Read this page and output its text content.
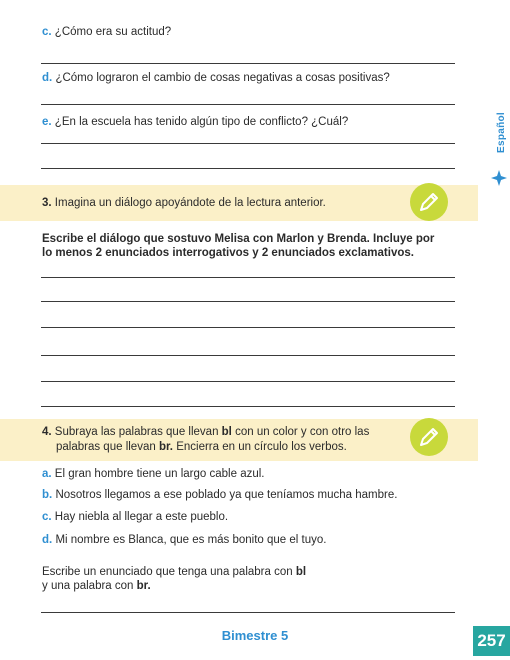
c. ¿Cómo era su actitud?
d. ¿Cómo lograron el cambio de cosas negativas a cosas positivas?
e. ¿En la escuela has tenido algún tipo de conflicto? ¿Cuál?	Español
3. Imagina un diálogo apoyándote de la lectura anterior.
Escribe el diálogo que sostuvo Melisa con Marlon y Brenda. Incluye por
lo menos 2 enunciados interrogativos y 2 enunciados exclamativos.
4. Subraya las palabras que llevan bl con un color y con otro las
palabras que llevan br. Encierra en un círculo los verbos.
a. El gran hombre tiene un largo cable azul.
b. Nosotros llegamos a ese poblado ya que teníamos mucha hambre.
c. Hay niebla al llegar a este pueblo.
d. Mi nombre es Blanca, que es más bonito que el tuyo.
Escribe un enunciado que tenga una palabra con bl
y una palabra con br.
Bimestre 5	257
